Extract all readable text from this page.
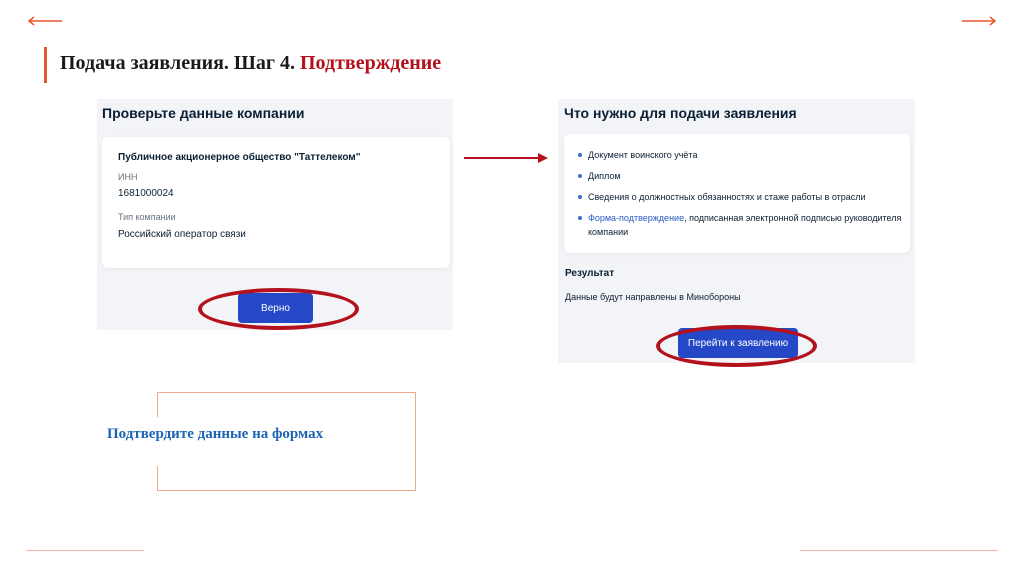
Подача заявления. Шаг 4. Подтверждение
Проверьте данные компании
Публичное акционерное общество "Таттелеком"
ИНН
1681000024
Тип компании
Российский оператор связи
Верно
Что нужно для подачи заявления
Документ воинского учёта
Диплом
Сведения о должностных обязанностях и стаже работы в отрасли
Форма-подтверждение, подписанная электронной подписью руководителя компании
Результат
Данные будут направлены в Минобороны
Перейти к заявлению
Подтвердите данные на формах
